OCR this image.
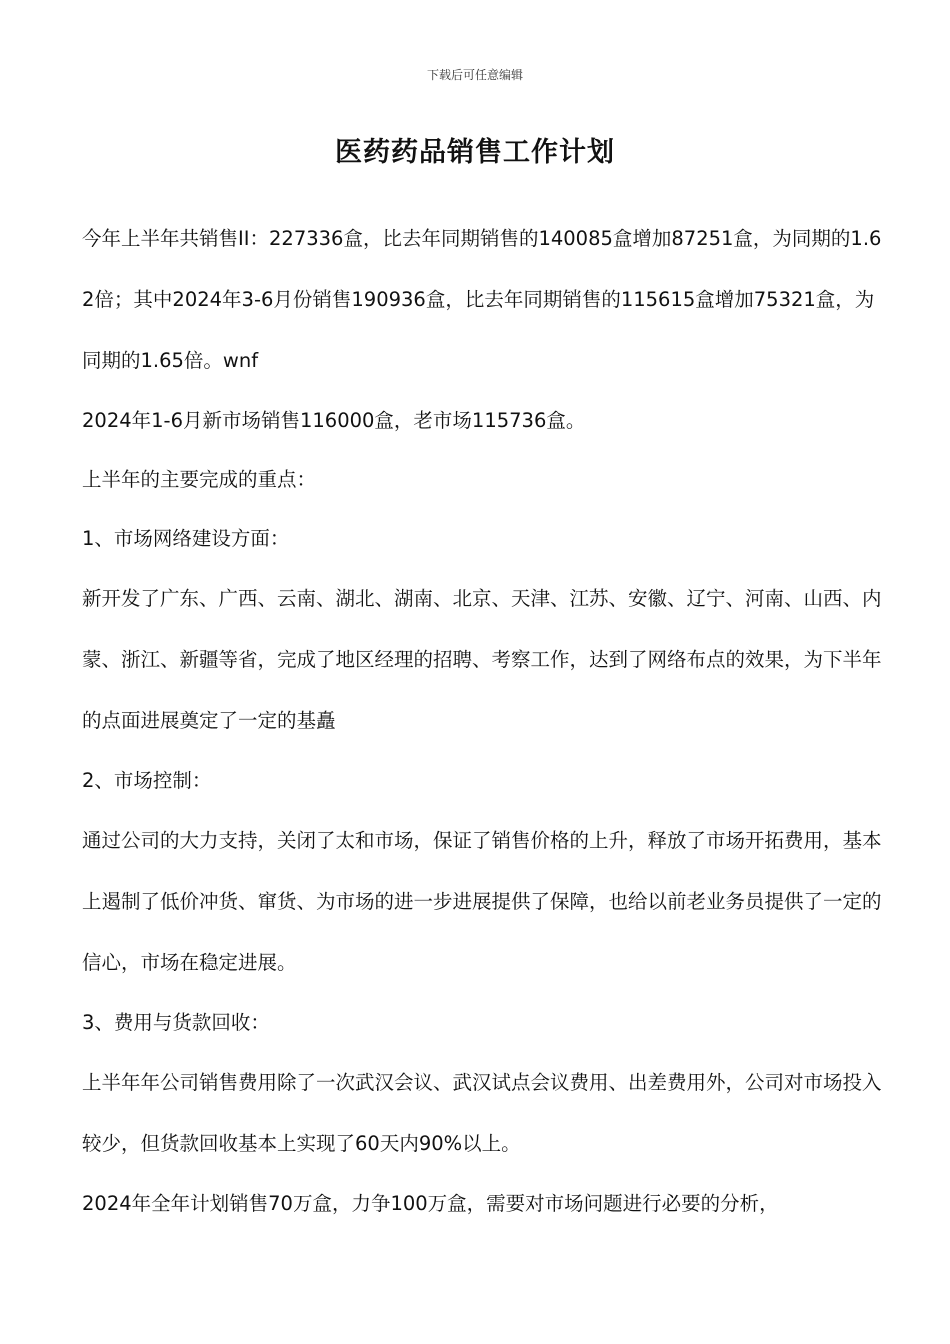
下载后可任意编辑
医药药品销售工作计划

今年上半年共销售II：227336盒，比去年同期销售的140085盒增加87251盒，为同期的1.62倍；其中2024年3-6月份销售190936盒，比去年同期销售的115615盒增加75321盒，为同期的1.65倍。wnf

2024年1-6月新市场销售116000盒，老市场115736盒。

上半年的主要完成的重点：

1、市场网络建设方面：

新开发了广东、广西、云南、湖北、湖南、北京、天津、江苏、安徽、辽宁、河南、山西、内蒙、浙江、新疆等省，完成了地区经理的招聘、考察工作，达到了网络布点的效果，为下半年的点面进展奠定了一定的基矗

2、市场控制：

通过公司的大力支持，关闭了太和市场，保证了销售价格的上升，释放了市场开拓费用，基本上遏制了低价冲货、窜货、为市场的进一步进展提供了保障，也给以前老业务员提供了一定的信心，市场在稳定进展。

3、费用与货款回收：

上半年年公司销售费用除了一次武汉会议、武汉试点会议费用、出差费用外，公司对市场投入较少，但货款回收基本上实现了60天内90%以上。

2024年全年计划销售70万盒，力争100万盒，需要对市场问题进行必要的分析，
